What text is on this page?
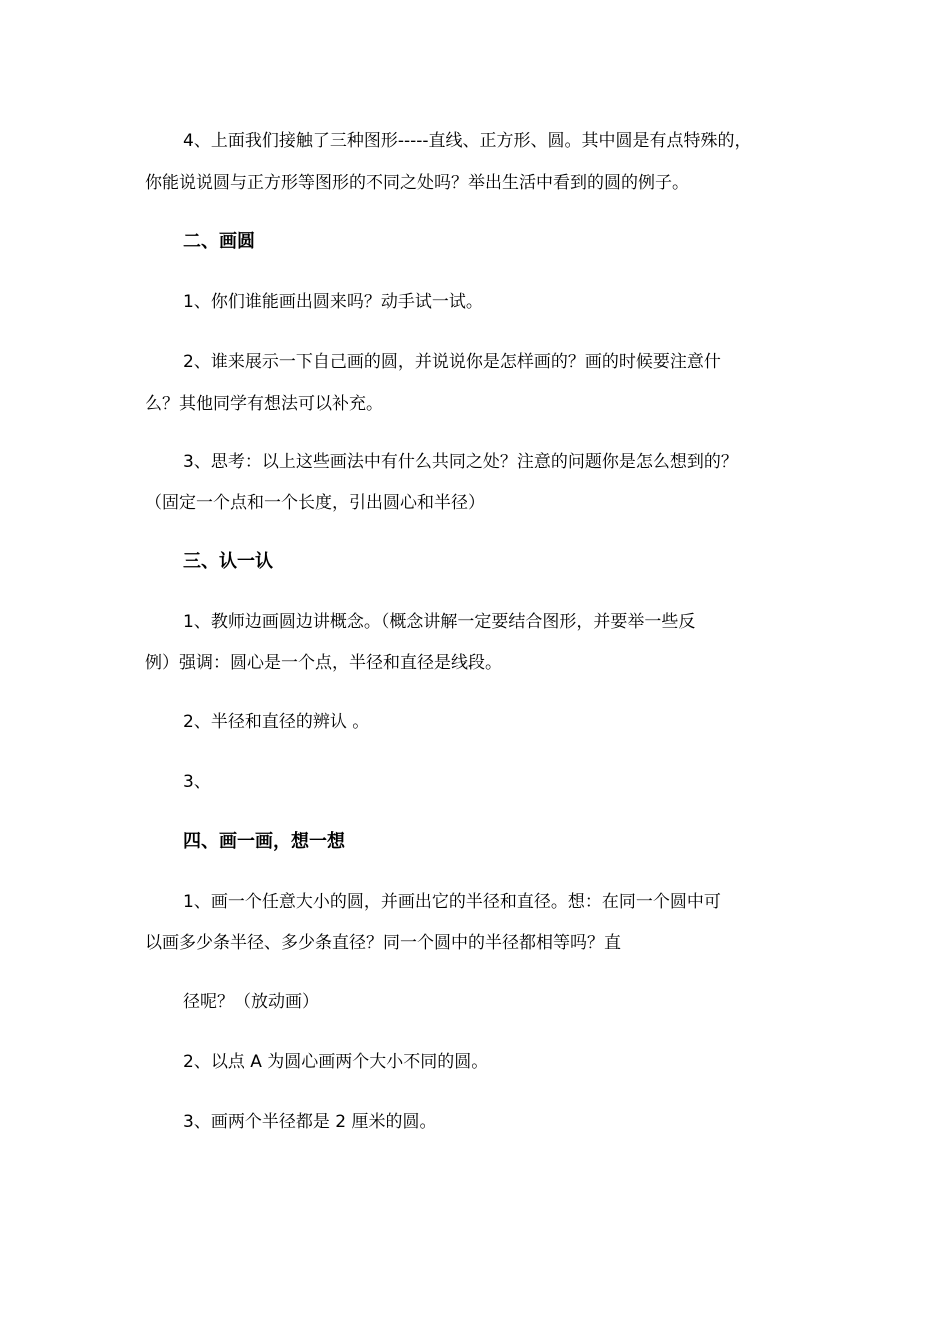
4、上面我们接触了三种图形-----直线、正方形、圆。其中圆是有点特殊的，
你能说说圆与正方形等图形的不同之处吗？举出生活中看到的圆的例子。
二、画圆
1、你们谁能画出圆来吗？动手试一试。
2、谁来展示一下自己画的圆，并说说你是怎样画的？画的时候要注意什
么？其他同学有想法可以补充。
3、思考：以上这些画法中有什么共同之处？注意的问题你是怎么想到的？
（固定一个点和一个长度，引出圆心和半径）
三、认一认
1、教师边画圆边讲概念。（概念讲解一定要结合图形，并要举一些反
例）强调：圆心是一个点，半径和直径是线段。
2、半径和直径的辨认 。
3、
四、画一画，想一想
1、画一个任意大小的圆，并画出它的半径和直径。想：在同一个圆中可
以画多少条半径、多少条直径？同一个圆中的半径都相等吗？直
径呢？（放动画）
2、以点 A 为圆心画两个大小不同的圆。
3、画两个半径都是 2 厘米的圆。
